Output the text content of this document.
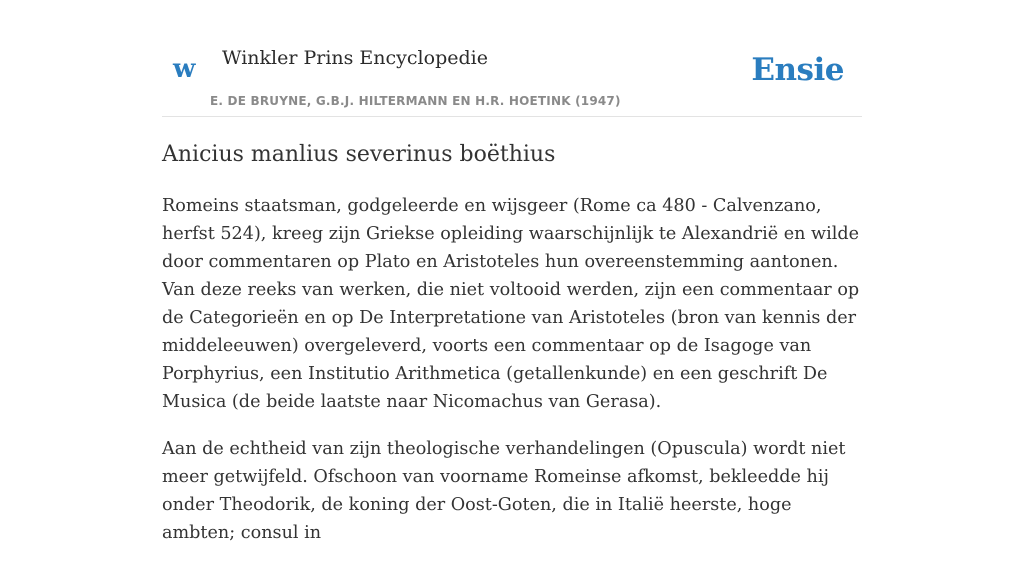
w Winkler Prins Encyclopedie
E. DE BRUYNE, G.B.J. HILTERMANN EN H.R. HOETINK (1947)
Ensie
Anicius manlius severinus boëthius

Romeins staatsman, godgeleerde en wijsgeer (Rome ca 480 - Calvenzano, herfst 524), kreeg zijn Griekse opleiding waarschijnlijk te Alexandrië en wilde door commentaren op Plato en Aristoteles hun overeenstemming aantonen. Van deze reeks van werken, die niet voltooid werden, zijn een commentaar op de Categorieën en op De Interpretatione van Aristoteles (bron van kennis der middeleeuwen) overgeleverd, voorts een commentaar op de Isagoge van Porphyrius, een Institutio Arithmetica (getallenkunde) en een geschrift De Musica (de beide laatste naar Nicomachus van Gerasa).

Aan de echtheid van zijn theologische verhandelingen (Opuscula) wordt niet meer getwijfeld. Ofschoon van voorname Romeinse afkomst, bekleedde hij onder Theodorik, de koning der Oost-Goten, die in Italië heerste, hoge ambten; consul in
